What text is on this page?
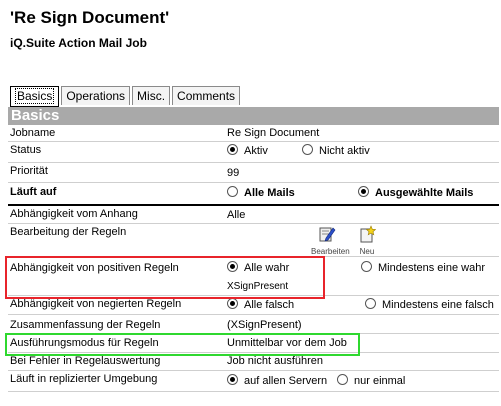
'Re Sign Document'
iQ.Suite Action Mail Job
Basics	Operations	Misc.	Comments
Basics
Jobname	Re Sign Document
Status	Aktiv	Nicht aktiv
Priorität	99
Läuft auf	Alle Mails	Ausgewählte Mails
Abhängigkeit vom Anhang	Alle
Bearbeitung der Regeln
Bearbeiten	Neu
Abhängigkeit von positiven Regeln	Alle wahr	Mindestens eine wahr
XSignPresent
Abhängigkeit von negierten Regeln	Alle falsch	Mindestens eine falsch
Zusammenfassung der Regeln	(XSignPresent)
Ausführungsmodus für Regeln	Unmittelbar vor dem Job
Bei Fehler in Regelauswertung	Job nicht ausführen
Läuft in replizierter Umgebung	auf allen Servern	nur einmal
